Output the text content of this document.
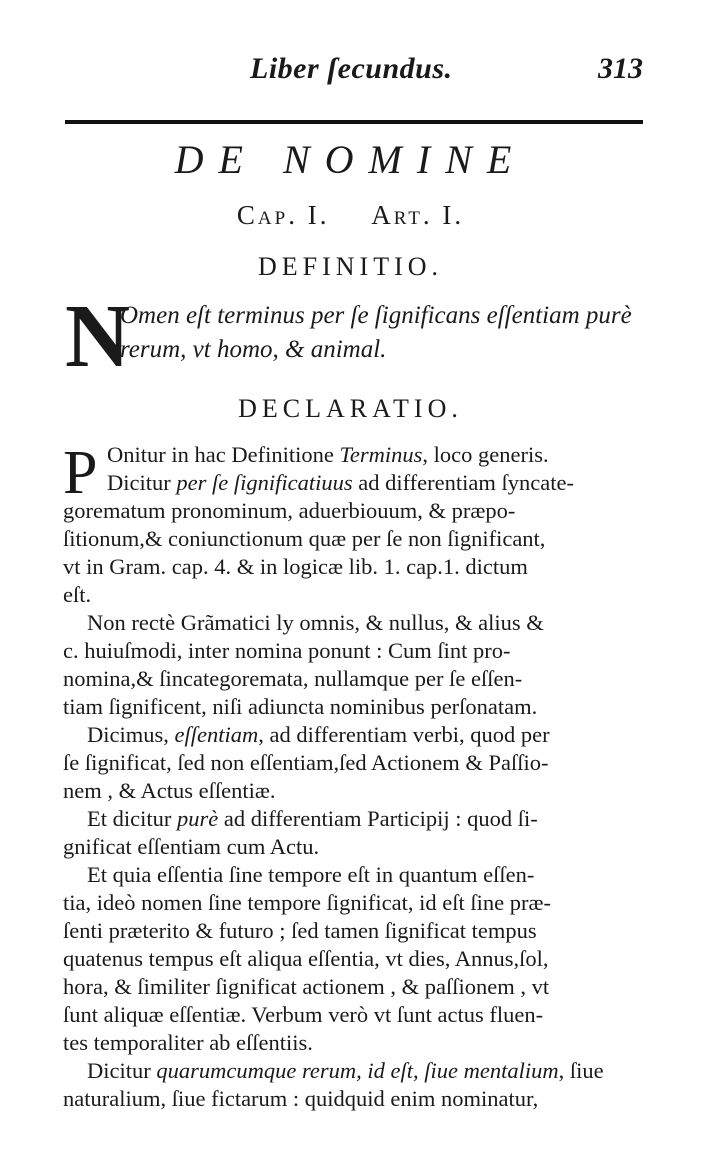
Liber ſecundus.	313
DE NOMINE
Cap. I. Art. I.
DEFINITIO.
N
Omen eſt terminus per ſe ſignificans eſſentiam purè
rerum, vt homo, & animal.
DECLARATIO.
P Onitur in hac Definitione Terminus, loco generis.
Dicitur per ſe ſignificatiuus ad differentiam ſyncate-
gorematum pronominum, aduerbiouum, & præpo-
ſitionum,& coniunctionum quæ per ſe non ſignificant,
vt in Gram. cap. 4. & in logicæ lib. 1. cap.1. dictum
eſt.
Non rectè Grãmatici ly omnis, & nullus, & alius &
c. huiuſmodi, inter nomina ponunt : Cum ſint pro-
nomina,& ſincategoremata, nullamque per ſe eſſen-
tiam ſignificent, niſi adiuncta nominibus perſonatam.
Dicimus, eſſentiam, ad differentiam verbi, quod per
ſe ſignificat, ſed non eſſentiam,ſed Actionem & Paſſio-
nem , & Actus eſſentiæ.
Et dicitur purè ad differentiam Participij : quod ſi-
gnificat eſſentiam cum Actu.
Et quia eſſentia ſine tempore eſt in quantum eſſen-
tia, ideò nomen ſine tempore ſignificat, id eſt ſine præ-
ſenti præterito & futuro ; ſed tamen ſignificat tempus
quatenus tempus eſt aliqua eſſentia, vt dies, Annus,ſol,
hora, & ſimiliter ſignificat actionem , & paſſionem , vt
ſunt aliquæ eſſentiæ. Verbum verò vt ſunt actus fluen-
tes temporaliter ab eſſentiis.
Dicitur quarumcumque rerum, id eſt, ſiue mentalium, ſiue
naturalium, ſiue fictarum : quidquid enim nominatur,
